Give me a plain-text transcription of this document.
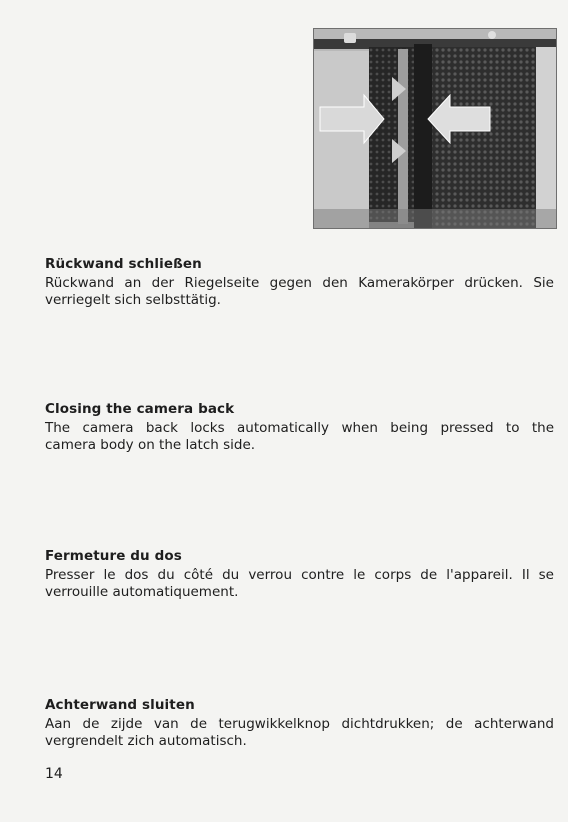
Rückwand schließen

Rückwand an der Riegelseite gegen den Kamerakörper drücken. Sie
verriegelt sich selbsttätig.

Closing the camera back

The camera back locks automatically when being pressed to the
camera body on the latch side.

Fermeture du dos

Presser le dos du côté du verrou contre le corps de l'appareil. Il se
verrouille automatiquement.

Achterwand sluiten

Aan de zijde van de terugwikkelknop dichtdrukken; de achterwand
vergrendelt zich automatisch.

14
